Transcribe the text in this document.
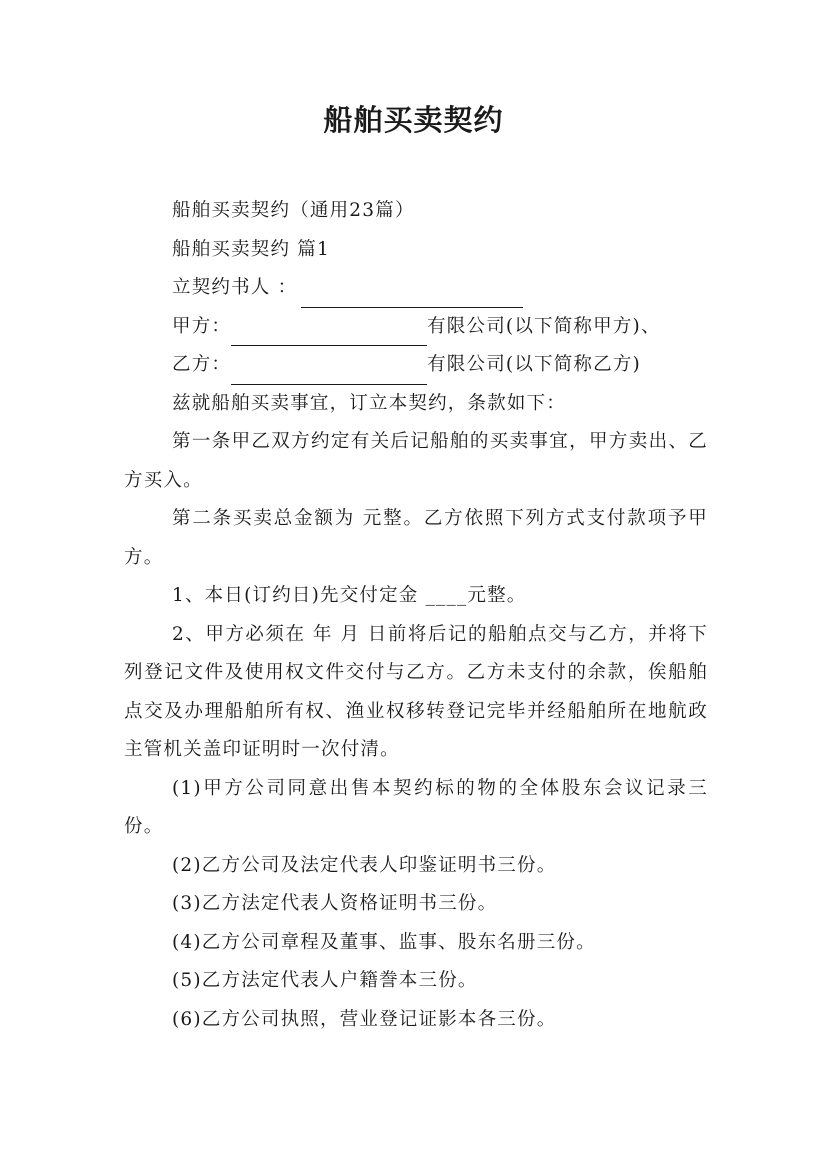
船舶买卖契约

船舶买卖契约（通用23篇）

船舶买卖契约 篇1

立契约书人 ：

甲方：	有限公司(以下简称甲方)、

乙方：	有限公司(以下简称乙方)

兹就船舶买卖事宜，订立本契约，条款如下：

第一条甲乙双方约定有关后记船舶的买卖事宜，甲方卖出、乙方买入。

第二条买卖总金额为 元整。乙方依照下列方式支付款项予甲方。

1、本日(订约日)先交付定金 ____元整。

2、甲方必须在 年 月 日前将后记的船舶点交与乙方，并将下列登记文件及使用权文件交付与乙方。乙方未支付的余款，俟船舶点交及办理船舶所有权、渔业权移转登记完毕并经船舶所在地航政主管机关盖印证明时一次付清。

(1)甲方公司同意出售本契约标的物的全体股东会议记录三份。

(2)乙方公司及法定代表人印鉴证明书三份。

(3)乙方法定代表人资格证明书三份。

(4)乙方公司章程及董事、监事、股东名册三份。

(5)乙方法定代表人户籍誊本三份。

(6)乙方公司执照，营业登记证影本各三份。
